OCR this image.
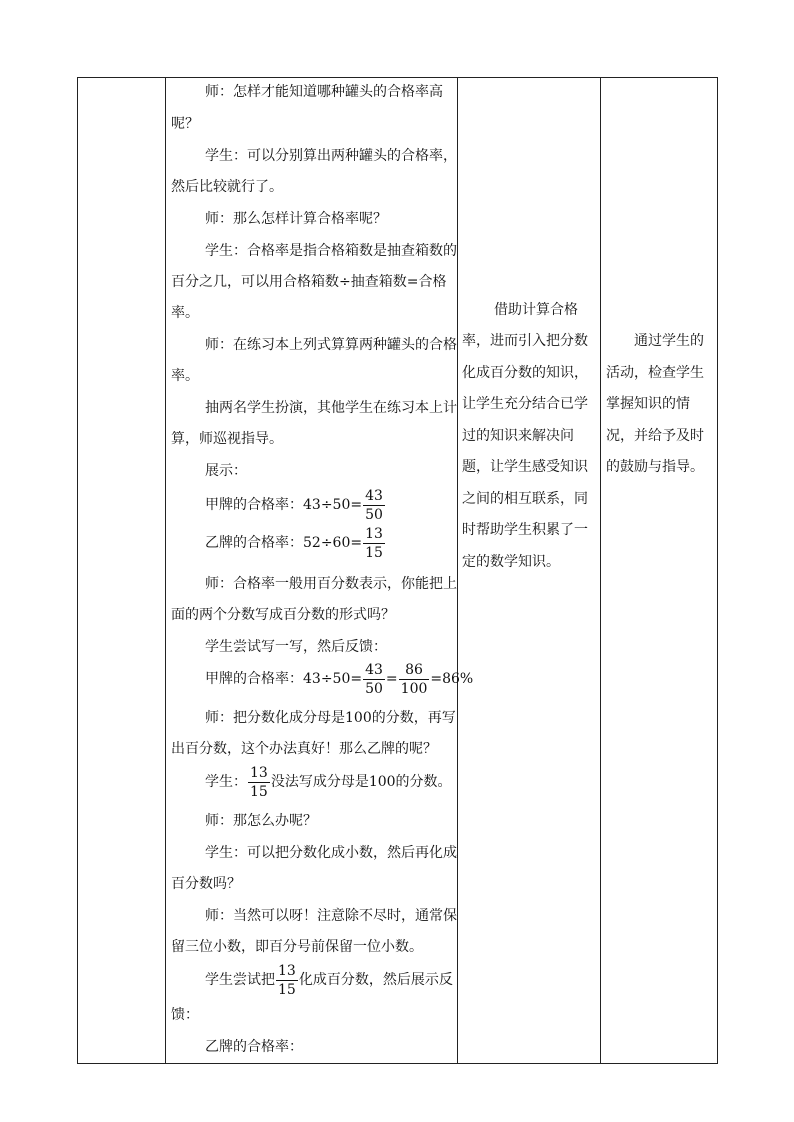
师：怎样才能知道哪种罐头的合格率高
呢？
学生：可以分别算出两种罐头的合格率，
然后比较就行了。
师：那么怎样计算合格率呢？
学生：合格率是指合格箱数是抽查箱数的
百分之几，可以用合格箱数÷抽查箱数=合格
率。
师：在练习本上列式算算两种罐头的合格
率。
抽两名学生扮演，其他学生在练习本上计
算，师巡视指导。
展示：
甲牌的合格率：$43\div 50= \frac{43}{50}$
乙牌的合格率：$52\div 60= \frac{13}{15}$
师：合格率一般用百分数表示，你能把上
面的两个分数写成百分数的形式吗？
学生尝试写一写，然后反馈：
甲牌的合格率：$43\div 50= \frac{43}{50} = \frac{86}{100} =86\%$
师：把分数化成分母是100的分数，再写
出百分数，这个办法真好！那么乙牌的呢？
学生： $\frac{13}{15}$ 没法写成分母是100的分数。
师：那怎么办呢？
学生：可以把分数化成小数，然后再化成
百分数吗？
师：当然可以呀！注意除不尽时，通常保
留三位小数，即百分号前保留一位小数。
学生尝试把 $\frac{13}{15}$ 化成百分数，然后展示反
馈：
乙牌的合格率：
借助计算合格
率，进而引入把分数
化成百分数的知识，
让学生充分结合已学
过的知识来解决问
题，让学生感受知识
之间的相互联系，同
时帮助学生积累了一
定的数学知识。
通过学生的
活动，检查学生
掌握知识的情
况，并给予及时
的鼓励与指导。
